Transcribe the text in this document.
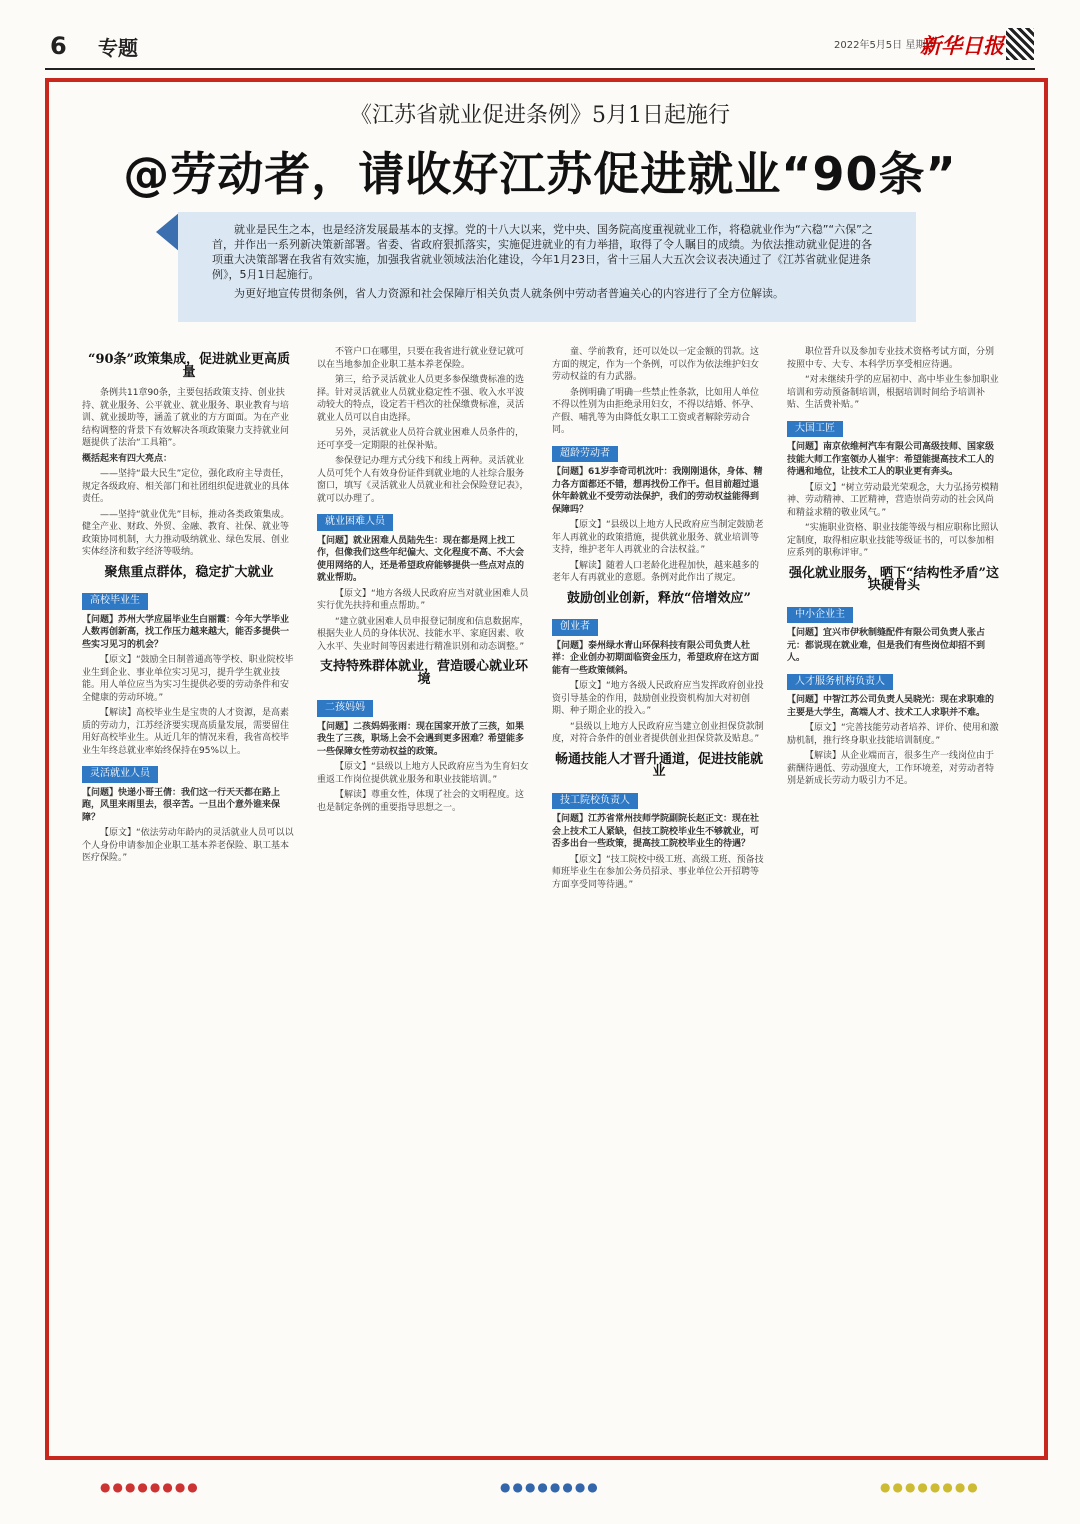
6 专题	2022年5月5日 星期四
新华日报
《江苏省就业促进条例》5月1日起施行
@劳动者，请收好江苏促进就业“90条”

就业是民生之本，也是经济发展最基本的支撑。党的十八大以来，党中央、国务院高度重视就业工作，将稳就业作为“六稳”“六保”之首，并作出一系列新决策新部署。省委、省政府狠抓落实，实施促进就业的有力举措，取得了令人瞩目的成绩。为依法推动就业促进的各项重大决策部署在我省有效实施，加强我省就业领域法治化建设，今年1月23日，省十三届人大五次会议表决通过了《江苏省就业促进条例》，5月1日起施行。

为更好地宣传贯彻条例，省人力资源和社会保障厅相关负责人就条例中劳动者普遍关心的内容进行了全方位解读。

“90条”政策集成，促进就业更高质量

条例共11章90条，主要包括政策支持、创业扶持、就业服务、公平就业、就业服务、职业教育与培训、就业援助等，涵盖了就业的方方面面。为在产业结构调整的背景下有效解决各项政策聚力支持就业问题提供了法治“工具箱”。

概括起来有四大亮点：

——坚持“最大民生”定位，强化政府主导责任，规定各级政府、相关部门和社团组织促进就业的具体责任。

——坚持“就业优先”目标，推动各类政策集成。健全产业、财政、外贸、金融、教育、社保、就业等政策协同机制，大力推动吸纳就业、绿色发展、创业实体经济和数字经济等吸纳。

聚焦重点群体，稳定扩大就业
高校毕业生

【问题】苏州大学应届毕业生白丽霞：今年大学毕业人数再创新高，找工作压力越来越大，能否多提供一些实习见习的机会？

【原文】“鼓励全日制普通高等学校、职业院校毕业生到企业、事业单位实习见习，提升学生就业技能。用人单位应当为实习生提供必要的劳动条件和安全健康的劳动环境。”

【解读】高校毕业生是宝贵的人才资源，是高素质的劳动力，江苏经济要实现高质量发展，需要留住用好高校毕业生。从近几年的情况来看，我省高校毕业生年终总就业率始终保持在95%以上。

灵活就业人员

【问题】快递小哥王倩：我们这一行天天都在路上跑，风里来雨里去，很辛苦。一旦出个意外谁来保障？

【原文】“依法劳动年龄内的灵活就业人员可以以个人身份申请参加企业职工基本养老保险、职工基本医疗保险。”

不管户口在哪里，只要在我省进行就业登记就可以在当地参加企业职工基本养老保险。

第三，给予灵活就业人员更多参保缴费标准的选择。针对灵活就业人员就业稳定性不强、收入水平波动较大的特点，设定若干档次的社保缴费标准，灵活就业人员可以自由选择。

另外，灵活就业人员符合就业困难人员条件的，还可享受一定期限的社保补贴。

参保登记办理方式分线下和线上两种。灵活就业人员可凭个人有效身份证件到就业地的人社综合服务窗口，填写《灵活就业人员就业和社会保险登记表》，就可以办理了。

就业困难人员

【问题】就业困难人员陆先生：现在都是网上找工作，但像我们这些年纪偏大、文化程度不高、不大会使用网络的人，还是希望政府能够提供一些点对点的就业帮助。

【原文】“地方各级人民政府应当对就业困难人员实行优先扶持和重点帮助。”

“建立就业困难人员申报登记制度和信息数据库，根据失业人员的身体状况、技能水平、家庭因素、收入水平、失业时间等因素进行精准识别和动态调整。”

支持特殊群体就业，营造暖心就业环境
二孩妈妈

【问题】二孩妈妈张雨：现在国家开放了三孩，如果我生了三孩，职场上会不会遇到更多困难？希望能多一些保障女性劳动权益的政策。

【原文】“县级以上地方人民政府应当为生育妇女重返工作岗位提供就业服务和职业技能培训。”

【解读】尊重女性，体现了社会的文明程度。这也是制定条例的重要指导思想之一。

童、学前教育，还可以处以一定金额的罚款。这方面的规定，作为一个条例，可以作为依法维护妇女劳动权益的有力武器。

条例明确了明确一些禁止性条款，比如用人单位不得以性别为由拒绝录用妇女，不得以结婚、怀孕、产假、哺乳等为由降低女职工工资或者解除劳动合同。

超龄劳动者

【问题】61岁李奇司机沈叶：我刚刚退休，身体、精力各方面都还不错，想再找份工作干。但目前超过退休年龄就业不受劳动法保护，我们的劳动权益能得到保障吗？

【原文】“县级以上地方人民政府应当制定鼓励老年人再就业的政策措施，提供就业服务、就业培训等支持，维护老年人再就业的合法权益。”

【解读】随着人口老龄化进程加快，越来越多的老年人有再就业的意愿。条例对此作出了规定。

鼓励创业创新，释放“倍增效应”
创业者

【问题】泰州绿水青山环保科技有限公司负责人杜祥：企业创办初期面临资金压力，希望政府在这方面能有一些政策倾斜。

【原文】“地方各级人民政府应当发挥政府创业投资引导基金的作用，鼓励创业投资机构加大对初创期、种子期企业的投入。”

“县级以上地方人民政府应当建立创业担保贷款制度，对符合条件的创业者提供创业担保贷款及贴息。”

畅通技能人才晋升通道，促进技能就业
技工院校负责人

【问题】江苏省常州技师学院副院长赵正文：现在社会上技术工人紧缺，但技工院校毕业生不够就业，可否多出台一些政策，提高技工院校毕业生的待遇？

【原文】“技工院校中级工班、高级工班、预备技师班毕业生在参加公务员招录、事业单位公开招聘等方面享受同等待遇。”

职位晋升以及参加专业技术资格考试方面，分别按照中专、大专、本科学历享受相应待遇。

“对未继续升学的应届初中、高中毕业生参加职业培训和劳动预备制培训，根据培训时间给予培训补贴、生活费补贴。”

大国工匠

【问题】南京依维柯汽车有限公司高级技师、国家级技能大师工作室领办人崔宇：希望能提高技术工人的待遇和地位，让技术工人的职业更有奔头。

【原文】“树立劳动最光荣观念，大力弘扬劳模精神、劳动精神、工匠精神，营造崇尚劳动的社会风尚和精益求精的敬业风气。”

“实施职业资格、职业技能等级与相应职称比照认定制度，取得相应职业技能等级证书的，可以参加相应系列的职称评审。”

强化就业服务，晒下“结构性矛盾”这块硬骨头
中小企业主

【问题】宜兴市伊秋制缝配件有限公司负责人张占元：都说现在就业难，但是我们有些岗位却招不到人。

人才服务机构负责人

【问题】中智江苏公司负责人吴晓光：现在求职难的主要是大学生，高端人才、技术工人求职并不难。

【原文】“完善技能劳动者培养、评价、使用和激励机制，推行终身职业技能培训制度。”

【解读】从企业端而言，很多生产一线岗位由于薪酬待遇低、劳动强度大，工作环境差，对劳动者特别是新成长劳动力吸引力不足。

●●●●●●●●	●●●●●●●●	●●●●●●●●
